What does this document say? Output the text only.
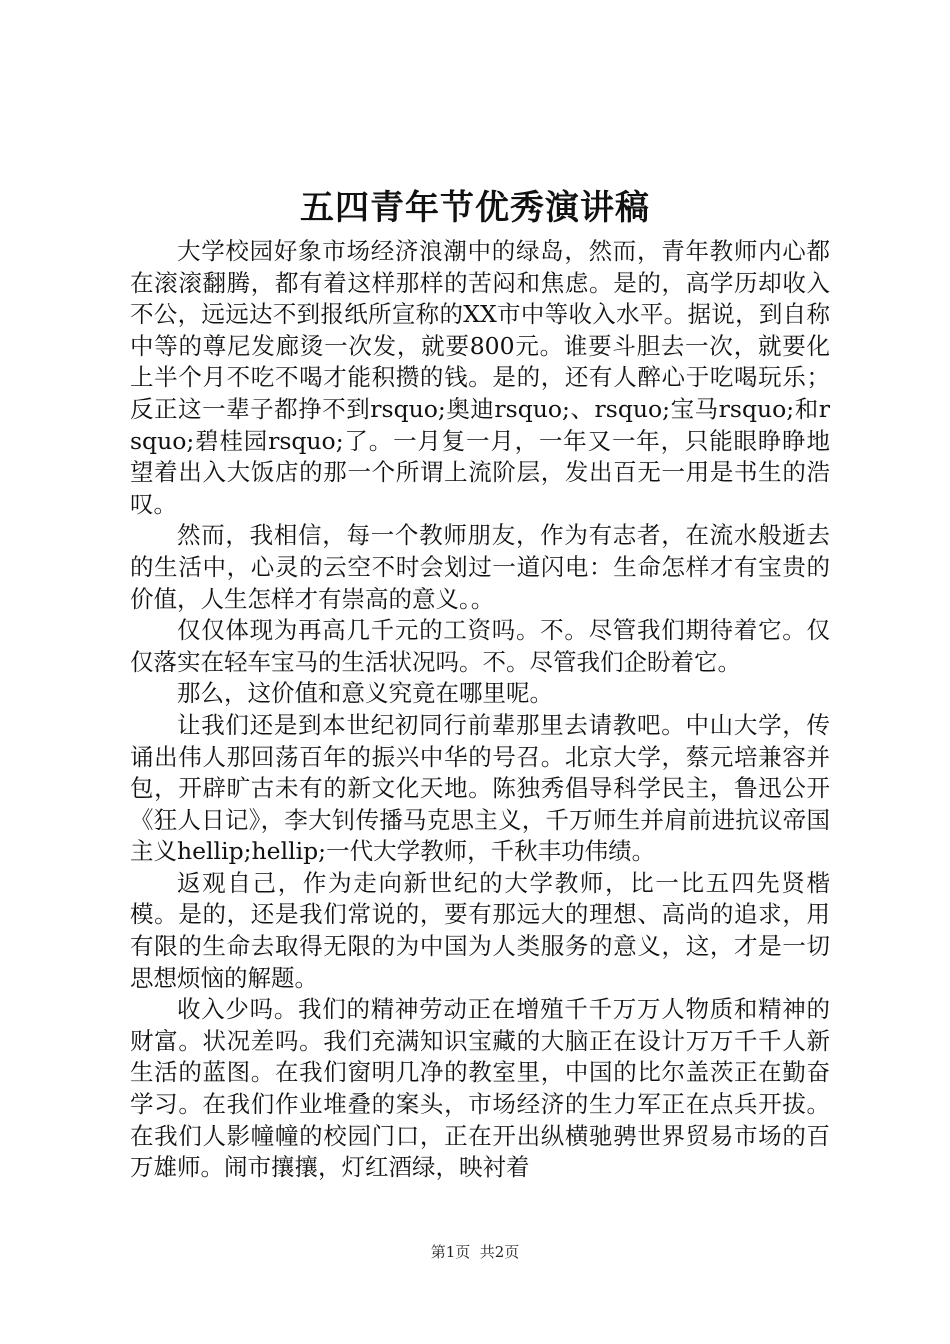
五四青年节优秀演讲稿

大学校园好象市场经济浪潮中的绿岛，然而，青年教师内心都在滚滚翻腾，都有着这样那样的苦闷和焦虑。是的，高学历却收入不公，远远达不到报纸所宣称的XX市中等收入水平。据说，到自称中等的尊尼发廊烫一次发，就要800元。谁要斗胆去一次，就要化上半个月不吃不喝才能积攒的钱。是的，还有人醉心于吃喝玩乐；反正这一辈子都挣不到rsquo;奥迪rsquo;、rsquo;宝马rsquo;和rsquo;碧桂园rsquo;了。一月复一月，一年又一年，只能眼睁睁地望着出入大饭店的那一个所谓上流阶层，发出百无一用是书生的浩叹。

然而，我相信，每一个教师朋友，作为有志者，在流水般逝去的生活中，心灵的云空不时会划过一道闪电：生命怎样才有宝贵的价值，人生怎样才有崇高的意义。。

仅仅体现为再高几千元的工资吗。不。尽管我们期待着它。仅仅落实在轻车宝马的生活状况吗。不。尽管我们企盼着它。

那么，这价值和意义究竟在哪里呢。

让我们还是到本世纪初同行前辈那里去请教吧。中山大学，传诵出伟人那回荡百年的振兴中华的号召。北京大学，蔡元培兼容并包，开辟旷古未有的新文化天地。陈独秀倡导科学民主，鲁迅公开《狂人日记》，李大钊传播马克思主义，千万师生并肩前进抗议帝国主义hellip;hellip;一代大学教师，千秋丰功伟绩。

返观自己，作为走向新世纪的大学教师，比一比五四先贤楷模。是的，还是我们常说的，要有那远大的理想、高尚的追求，用有限的生命去取得无限的为中国为人类服务的意义，这，才是一切思想烦恼的解题。

收入少吗。我们的精神劳动正在增殖千千万万人物质和精神的财富。状况差吗。我们充满知识宝藏的大脑正在设计万万千千人新生活的蓝图。在我们窗明几净的教室里，中国的比尔盖茨正在勤奋学习。在我们作业堆叠的案头，市场经济的生力军正在点兵开拔。在我们人影幢幢的校园门口，正在开出纵横驰骋世界贸易市场的百万雄师。闹市攘攘，灯红酒绿，映衬着

第1页  共2页
